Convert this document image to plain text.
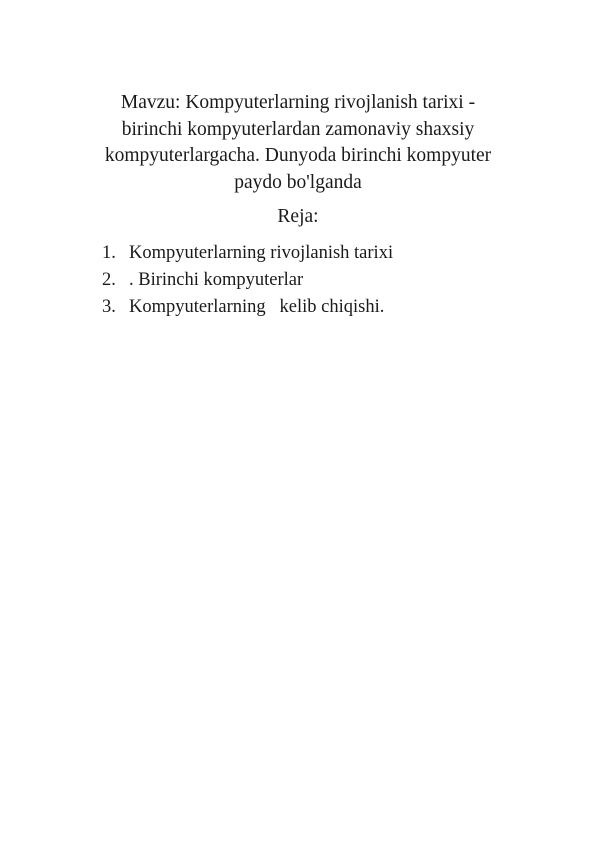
Mavzu: Kompyuterlarning rivojlanish tarixi -
birinchi kompyuterlardan zamonaviy shaxsiy
kompyuterlargacha. Dunyoda birinchi kompyuter
paydo bo'lganda
Reja:
1. Kompyuterlarning rivojlanish tarixi
2. . Birinchi kompyuterlar
3. Kompyuterlarning   kelib chiqishi.
